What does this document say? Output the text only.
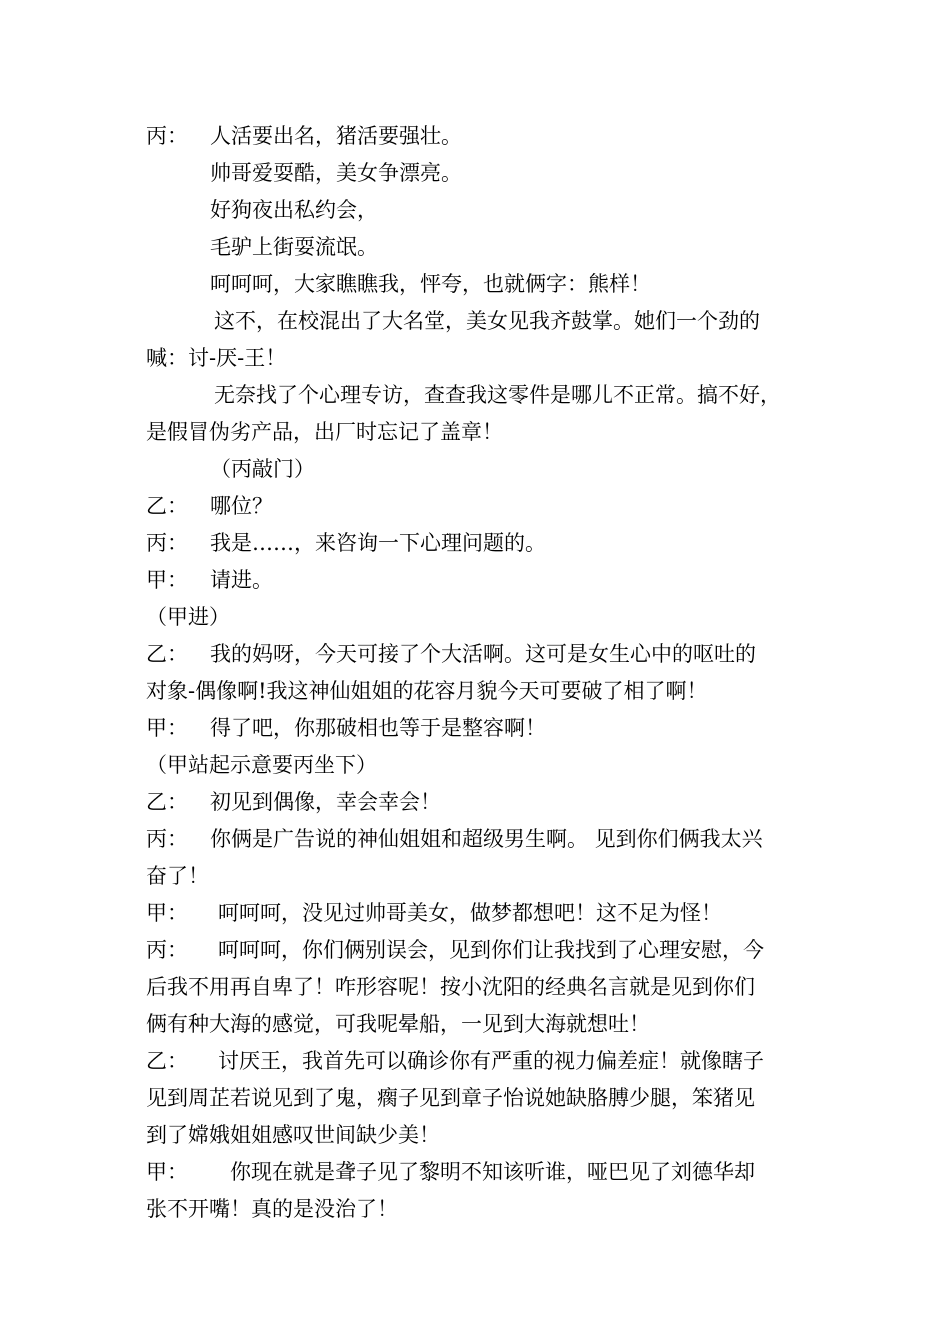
丙： 人活要出名，猪活要强壮。
帅哥爱耍酷，美女争漂亮。
好狗夜出私约会，
毛驴上街耍流氓。
呵呵呵，大家瞧瞧我，怦夸，也就俩字：熊样！
这不，在校混出了大名堂，美女见我齐鼓掌。她们一个劲的
喊：讨-厌-王！
无奈找了个心理专访，查查我这零件是哪儿不正常。搞不好，
是假冒伪劣产品，出厂时忘记了盖章！
（丙敲门）
乙： 哪位？
丙： 我是……，来咨询一下心理问题的。
甲： 请进。
（甲进）
乙： 我的妈呀，今天可接了个大活啊。这可是女生心中的呕吐的
对象-偶像啊!我这神仙姐姐的花容月貌今天可要破了相了啊！
甲： 得了吧，你那破相也等于是整容啊！
（甲站起示意要丙坐下）
乙： 初见到偶像，幸会幸会！
丙： 你俩是广告说的神仙姐姐和超级男生啊。 见到你们俩我太兴
奋了！
甲： 呵呵呵，没见过帅哥美女，做梦都想吧！这不足为怪！
丙： 呵呵呵，你们俩别误会，见到你们让我找到了心理安慰，今
后我不用再自卑了！咋形容呢！按小沈阳的经典名言就是见到你们
俩有种大海的感觉，可我呢晕船，一见到大海就想吐！
乙： 讨厌王，我首先可以确诊你有严重的视力偏差症！就像瞎子
见到周芷若说见到了鬼，瘸子见到章子怡说她缺胳膊少腿，笨猪见
到了嫦娥姐姐感叹世间缺少美！
甲： 你现在就是聋子见了黎明不知该听谁，哑巴见了刘德华却
张不开嘴！真的是没治了！
